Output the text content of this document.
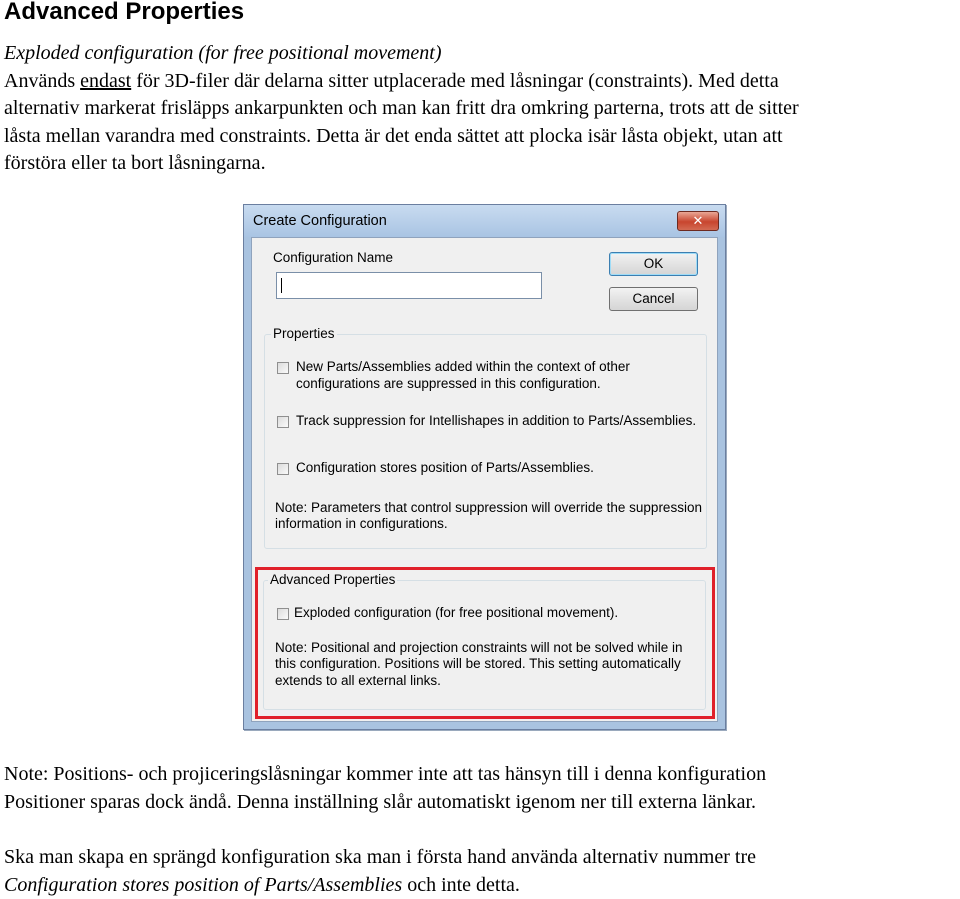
Advanced Properties

Exploded configuration (for free positional movement)

Används endast för 3D-filer där delarna sitter utplacerade med låsningar (constraints). Med detta

alternativ markerat frisläpps ankarpunkten och man kan fritt dra omkring parterna, trots att de sitter

låsta mellan varandra med constraints. Detta är det enda sättet att plocka isär låsta objekt, utan att

förstöra eller ta bort låsningarna.

Create Configuration	✕
Configuration Name	OK
Cancel
Properties
New Parts/Assemblies added within the context of other
configurations are suppressed in this configuration.
Track suppression for Intellishapes in addition to Parts/Assemblies.
Configuration stores position of Parts/Assemblies.
Note: Parameters that control suppression will override the suppression
information in configurations.
Advanced Properties
Exploded configuration (for free positional movement).
Note: Positional and projection constraints will not be solved while in
this configuration. Positions will be stored. This setting automatically
extends to all external links.

Note: Positions- och projiceringslåsningar kommer inte att tas hänsyn till i denna konfiguration

Positioner sparas dock ändå. Denna inställning slår automatiskt igenom ner till externa länkar.

Ska man skapa en sprängd konfiguration ska man i första hand använda alternativ nummer tre

Configuration stores position of Parts/Assemblies och inte detta.
